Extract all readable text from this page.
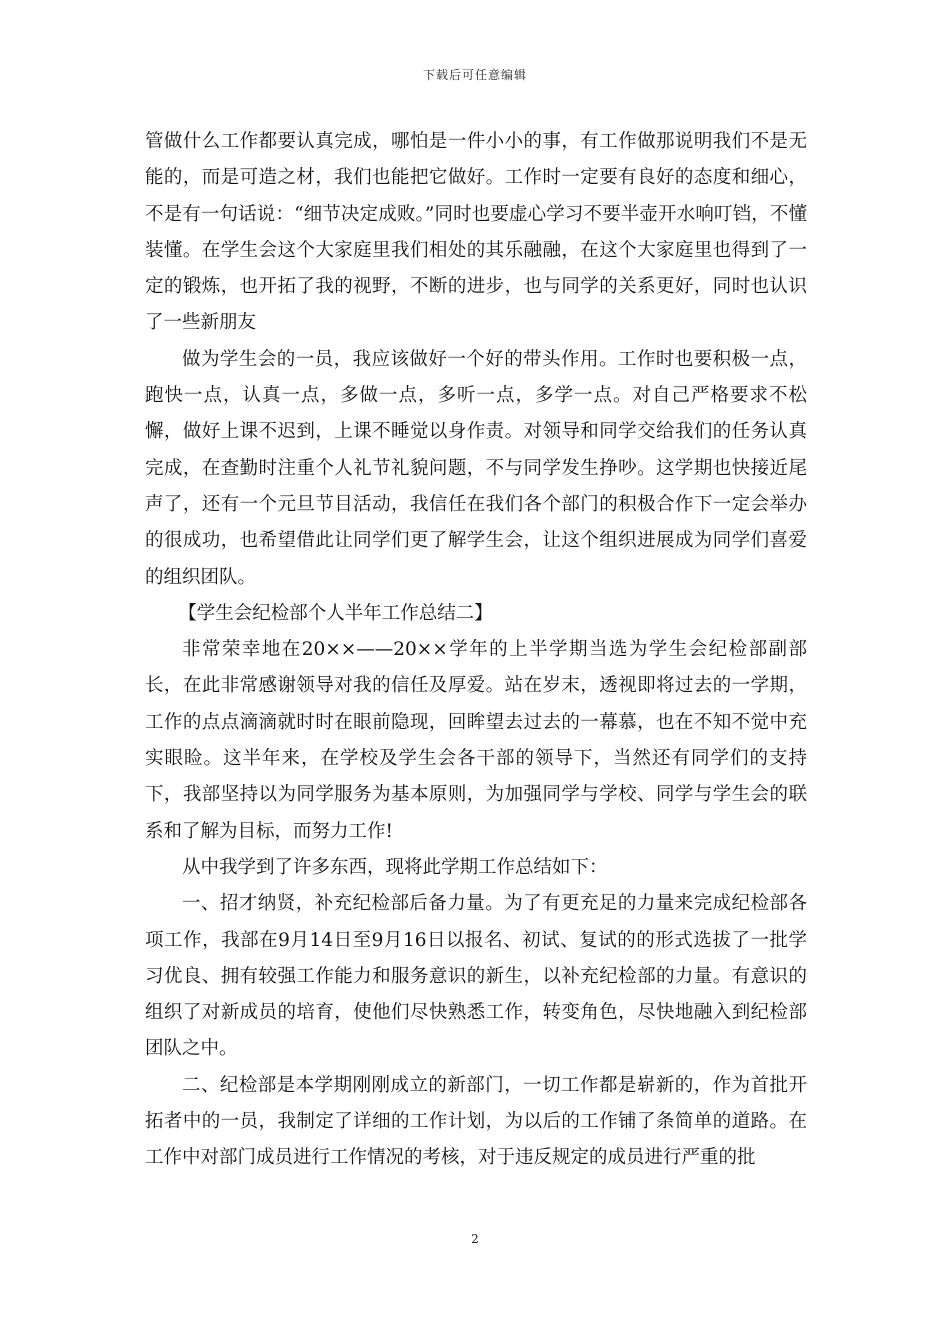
下载后可任意编辑

管做什么工作都要认真完成，哪怕是一件小小的事，有工作做那说明我们不是无能的，而是可造之材，我们也能把它做好。工作时一定要有良好的态度和细心，不是有一句话说：“细节决定成败。”同时也要虚心学习不要半壶开水响叮铛，不懂装懂。在学生会这个大家庭里我们相处的其乐融融，在这个大家庭里也得到了一定的锻炼，也开拓了我的视野，不断的进步，也与同学的关系更好，同时也认识了一些新朋友

做为学生会的一员，我应该做好一个好的带头作用。工作时也要积极一点，跑快一点，认真一点，多做一点，多听一点，多学一点。对自己严格要求不松懈，做好上课不迟到，上课不睡觉以身作责。对领导和同学交给我们的任务认真完成，在查勤时注重个人礼节礼貌问题，不与同学发生挣吵。这学期也快接近尾声了，还有一个元旦节目活动，我信任在我们各个部门的积极合作下一定会举办的很成功，也希望借此让同学们更了解学生会，让这个组织进展成为同学们喜爱的组织团队。

【学生会纪检部个人半年工作总结二】

非常荣幸地在20××——20××学年的上半学期当选为学生会纪检部副部长，在此非常感谢领导对我的信任及厚爱。站在岁末，透视即将过去的一学期，工作的点点滴滴就时时在眼前隐现，回眸望去过去的一幕慕，也在不知不觉中充实眼睑。这半年来，在学校及学生会各干部的领导下，当然还有同学们的支持下，我部坚持以为同学服务为基本原则，为加强同学与学校、同学与学生会的联系和了解为目标，而努力工作!

从中我学到了许多东西，现将此学期工作总结如下：

一、招才纳贤，补充纪检部后备力量。为了有更充足的力量来完成纪检部各项工作，我部在9月14日至9月16日以报名、初试、复试的的形式选拔了一批学习优良、拥有较强工作能力和服务意识的新生，以补充纪检部的力量。有意识的组织了对新成员的培育，使他们尽快熟悉工作，转变角色，尽快地融入到纪检部团队之中。

二、纪检部是本学期刚刚成立的新部门，一切工作都是崭新的，作为首批开拓者中的一员，我制定了详细的工作计划，为以后的工作铺了条简单的道路。在工作中对部门成员进行工作情况的考核，对于违反规定的成员进行严重的批

2
